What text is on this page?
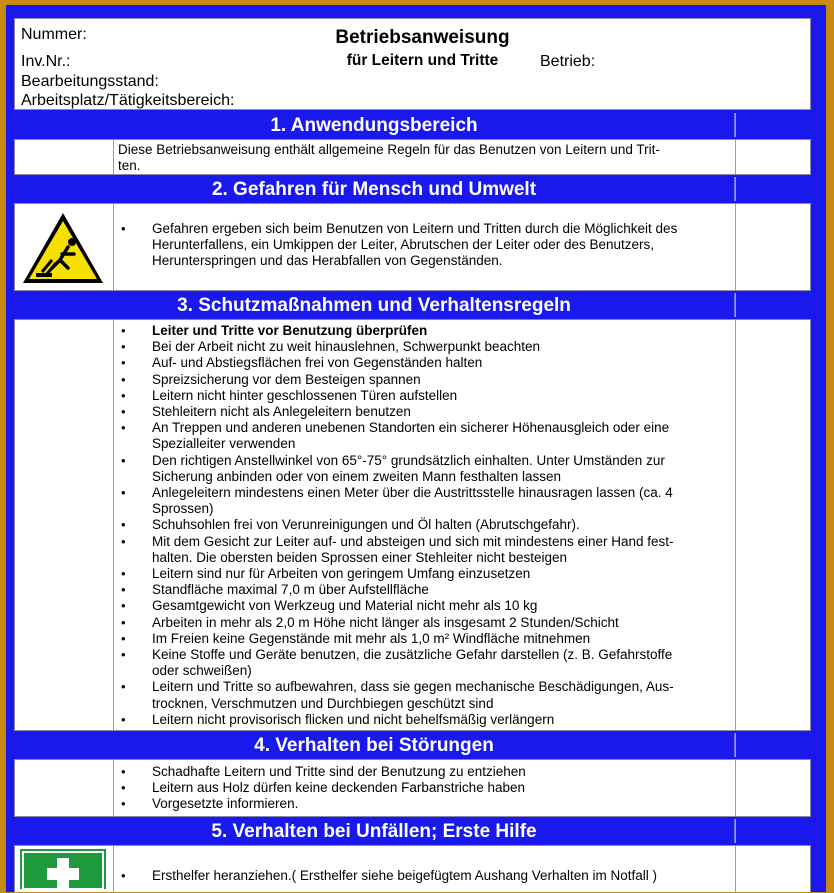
Nummer:
Inv.Nr.:
Bearbeitungsstand:
Arbeitsplatz/Tätigkeitsbereich:
Betriebsanweisung
für Leitern und Tritte	Betrieb:
1. Anwendungsbereich
Diese Betriebsanweisung enthält allgemeine Regeln für das Benutzen von Leitern und Trit-
ten.
2. Gefahren für Mensch und Umwelt
• Gefahren ergeben sich beim Benutzen von Leitern und Tritten durch die Möglichkeit des
Herunterfallens, ein Umkippen der Leiter, Abrutschen der Leiter oder des Benutzers,
Herunterspringen und das Herabfallen von Gegenständen.
3. Schutzmaßnahmen und Verhaltensregeln
• Leiter und Tritte vor Benutzung überprüfen
• Bei der Arbeit nicht zu weit hinauslehnen, Schwerpunkt beachten
• Auf- und Abstiegsflächen frei von Gegenständen halten
• Spreizsicherung vor dem Besteigen spannen
• Leitern nicht hinter geschlossenen Türen aufstellen
• Stehleitern nicht als Anlegeleitern benutzen
• An Treppen und anderen unebenen Standorten ein sicherer Höhenausgleich oder eine
Spezialleiter verwenden
• Den richtigen Anstellwinkel von 65°-75° grundsätzlich einhalten. Unter Umständen zur
Sicherung anbinden oder von einem zweiten Mann festhalten lassen
• Anlegeleitern mindestens einen Meter über die Austrittsstelle hinausragen lassen (ca. 4
Sprossen)
• Schuhsohlen frei von Verunreinigungen und Öl halten (Abrutschgefahr).
• Mit dem Gesicht zur Leiter auf- und absteigen und sich mit mindestens einer Hand fest-
halten. Die obersten beiden Sprossen einer Stehleiter nicht besteigen
• Leitern sind nur für Arbeiten von geringem Umfang einzusetzen
• Standfläche maximal 7,0 m über Aufstellfläche
• Gesamtgewicht von Werkzeug und Material nicht mehr als 10 kg
• Arbeiten in mehr als 2,0 m Höhe nicht länger als insgesamt 2 Stunden/Schicht
• Im Freien keine Gegenstände mit mehr als 1,0 m² Windfläche mitnehmen
• Keine Stoffe und Geräte benutzen, die zusätzliche Gefahr darstellen (z. B. Gefahrstoffe
oder schweißen)
• Leitern und Tritte so aufbewahren, dass sie gegen mechanische Beschädigungen, Aus-
trocknen, Verschmutzen und Durchbiegen geschützt sind
• Leitern nicht provisorisch flicken und nicht behelfsmäßig verlängern
4. Verhalten bei Störungen
• Schadhafte Leitern und Tritte sind der Benutzung zu entziehen
• Leitern aus Holz dürfen keine deckenden Farbanstriche haben
• Vorgesetzte informieren.
5. Verhalten bei Unfällen; Erste Hilfe
• Ersthelfer heranziehen.( Ersthelfer siehe beigefügtem Aushang Verhalten im Notfall )
